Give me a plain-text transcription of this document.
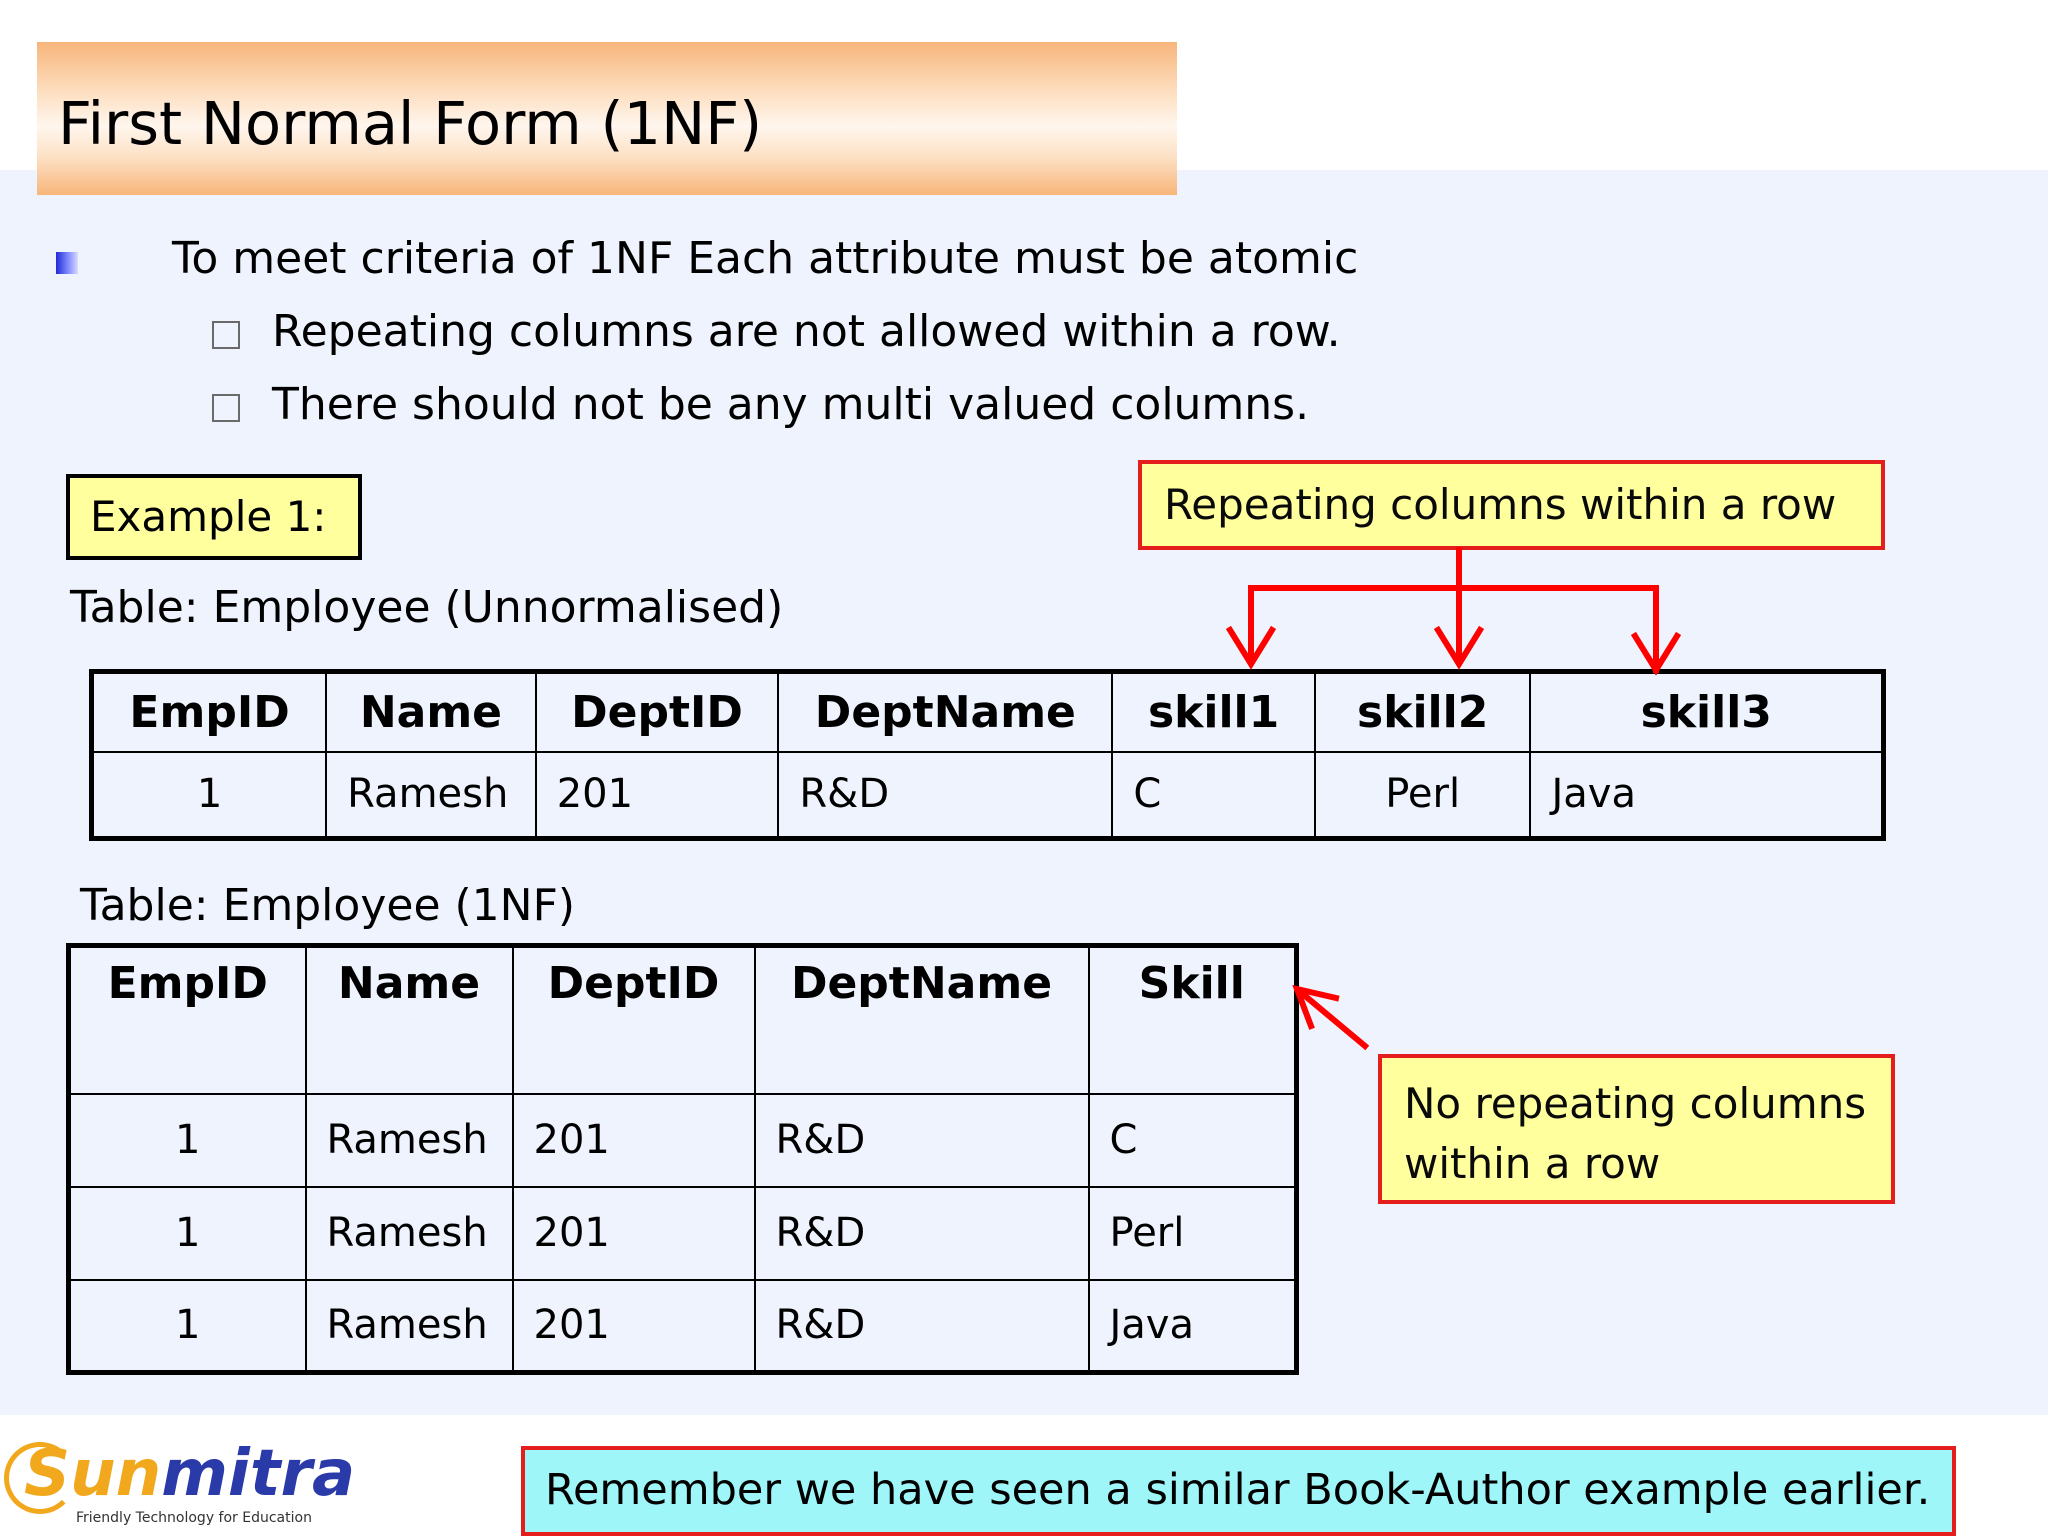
First Normal Form (1NF)
To meet criteria of 1NF Each attribute must be atomic
Repeating columns are not allowed within a row.
There should not be any multi valued columns.
Example 1:	Repeating columns within a row
Table: Employee (Unnormalised)
EmpID	Name	DeptID	DeptName	skill1	skill2	skill3
1	Ramesh	201	R&D	C	Perl	Java
Table: Employee (1NF)
EmpID	Name	DeptID	DeptName	Skill
1	Ramesh	201	R&D	C
1	Ramesh	201	R&D	Perl
1	Ramesh	201	R&D	Java
No repeating columns
within a row
Sunmitra
Friendly Technology for Education
Remember we have seen a similar Book-Author example earlier.
